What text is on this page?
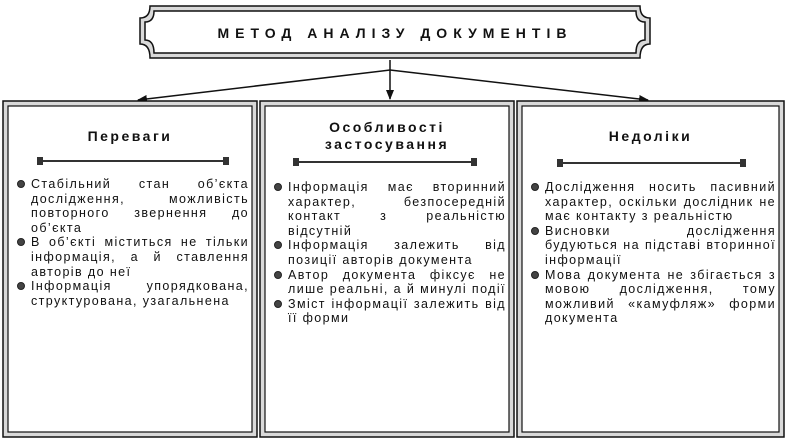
МЕТОД АНАЛІЗУ ДОКУМЕНТІВ
Переваги
Стабільний стан об’єкта дослідження, можливість повторного звернення до об’єкта
В об’єкті міститься не тільки інформація, а й ставлення авторів до неї
Інформація упорядкована, структурована, узагальнена
Особливості застосування
Інформація має вторинний характер, безпосередній контакт з реальністю відсутній
Інформація залежить від позиції авторів документа
Автор документа фіксує не лише реальні, а й минулі події
Зміст інформації залежить від її форми
Недоліки
Дослідження носить пасивний характер, оскільки дослідник не має контакту з реальністю
Висновки дослідження будуються на підставі вторинної інформації
Мова документа не збігається з мовою дослідження, тому можливий «камуфляж» форми документа
